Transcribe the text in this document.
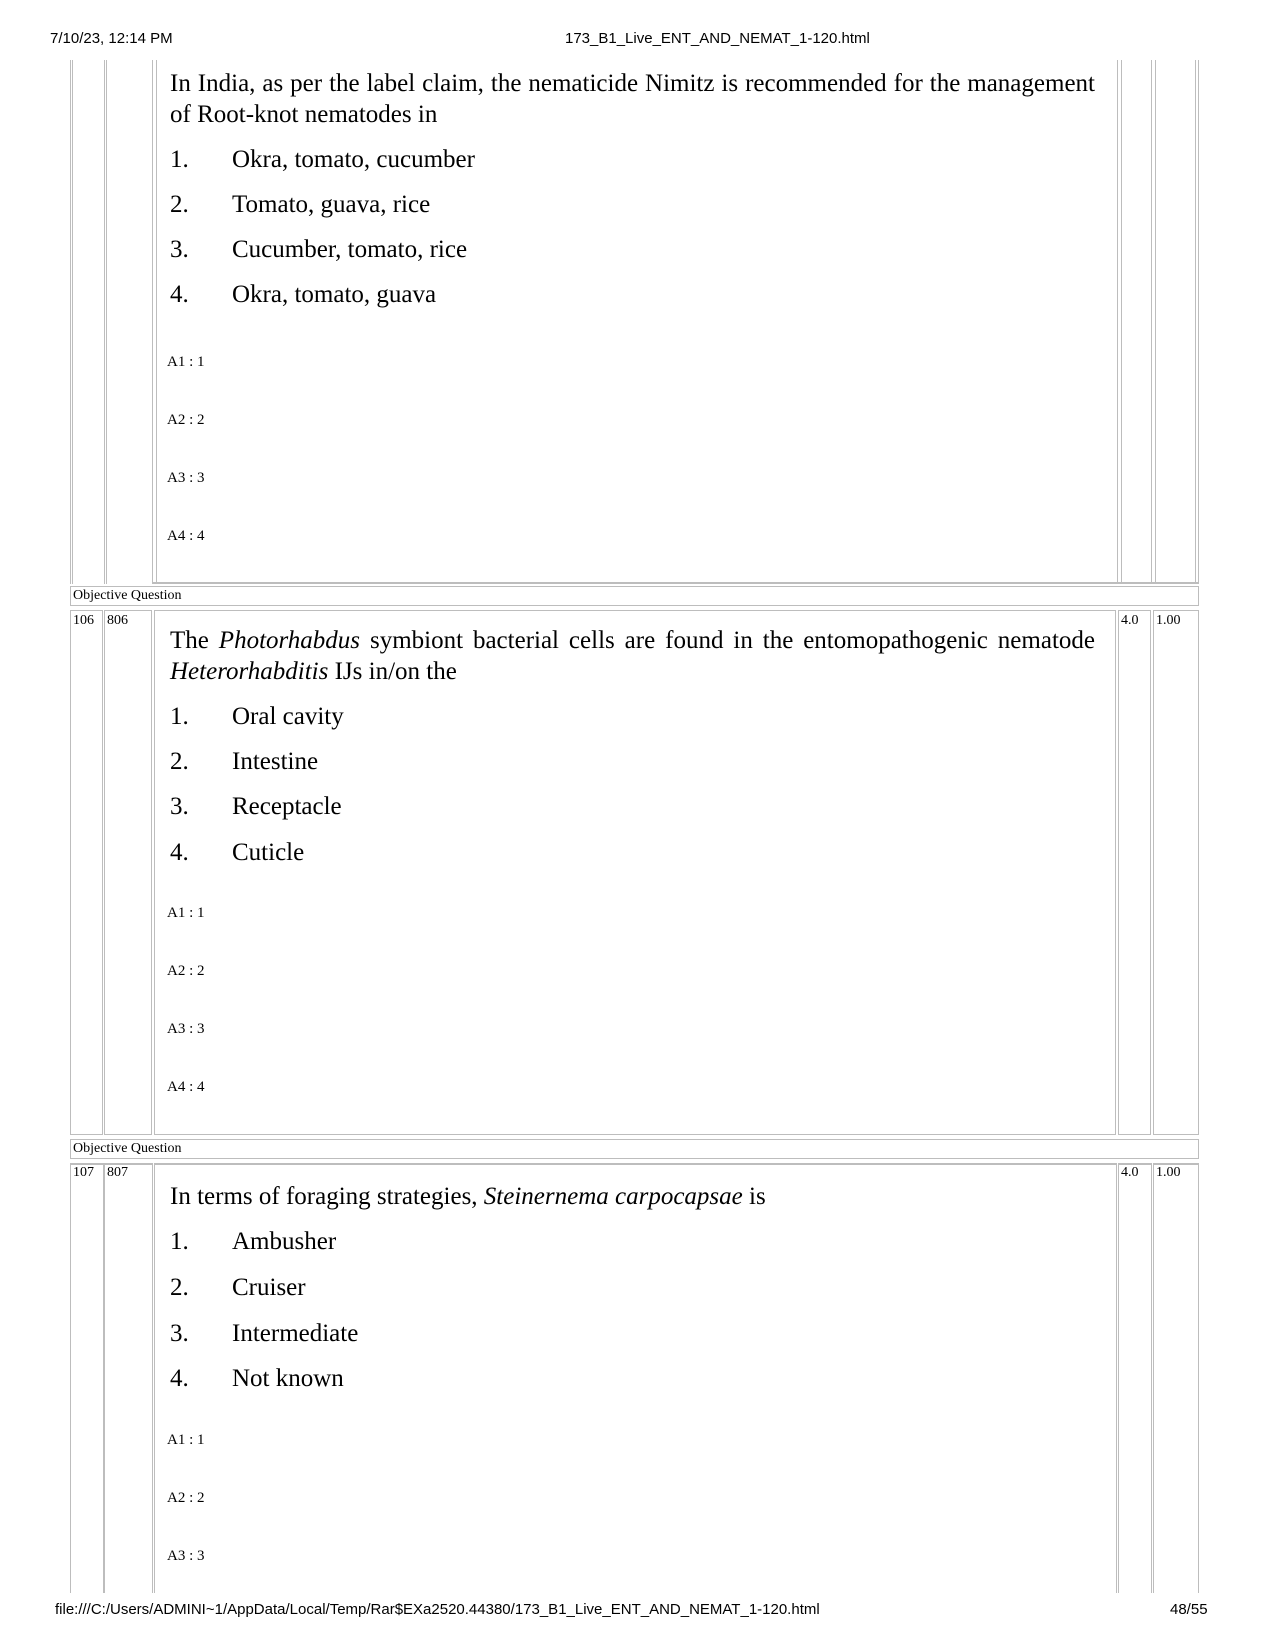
7/10/23, 12:14 PM	173_B1_Live_ENT_AND_NEMAT_1-120.html
In India, as per the label claim, the nematicide Nimitz is recommended for the management of Root-knot nematodes in
1. Okra, tomato, cucumber
2. Tomato, guava, rice
3. Cucumber, tomato, rice
4. Okra, tomato, guava
A1 : 1
A2 : 2
A3 : 3
A4 : 4
Objective Question
106 806	4.0 1.00
The Photorhabdus symbiont bacterial cells are found in the entomopathogenic nematode Heterorhabditis IJs in/on the
1. Oral cavity
2. Intestine
3. Receptacle
4. Cuticle
A1 : 1
A2 : 2
A3 : 3
A4 : 4
Objective Question
107 807	4.0 1.00
In terms of foraging strategies, Steinernema carpocapsae is
1. Ambusher
2. Cruiser
3. Intermediate
4. Not known
A1 : 1
A2 : 2
A3 : 3
file:///C:/Users/ADMINI~1/AppData/Local/Temp/Rar$EXa2520.44380/173_B1_Live_ENT_AND_NEMAT_1-120.html	48/55
